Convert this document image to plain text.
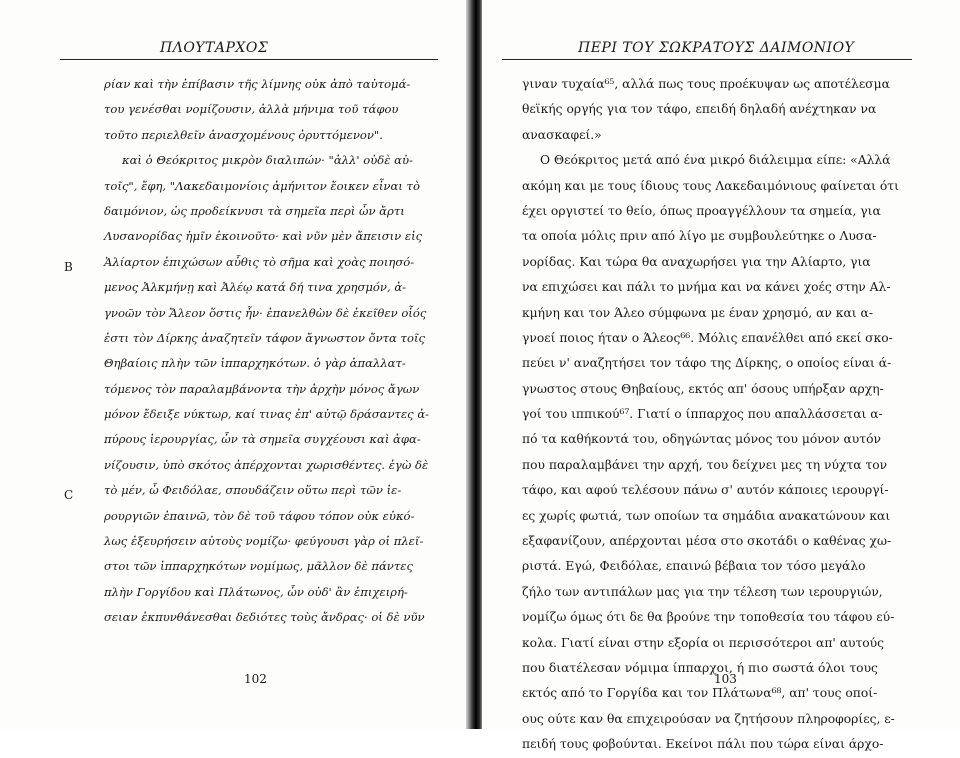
ΠΛΟΥΤΑΡΧΟΣ
ρίαν καὶ τὴν ἐπίβασιν τῆς λίμνης οὐκ ἀπὸ ταὐτομά-
του γενέσθαι νομίζουσιν, ἀλλὰ μήνιμα τοῦ τάφου
τοῦτο περιελθεῖν ἀνασχομένους ὀρυττόμενον".
καὶ ὁ Θεόκριτος μικρὸν διαλιπών· "ἀλλ' οὐδὲ αὐ-
τοῖς", ἔφη, "Λακεδαιμονίοις ἀμήνιτον ἔοικεν εἶναι τὸ
δαιμόνιον, ὡς προδείκνυσι τὰ σημεῖα περὶ ὧν ἄρτι
Λυσανορίδας ἡμῖν ἐκοινοῦτο· καὶ νῦν μὲν ἄπεισιν εἰς
Ἁλίαρτον ἐπιχώσων αὖθις τὸ σῆμα καὶ χοὰς ποιησό-
μενος Ἀλκμήνῃ καὶ Ἀλέῳ κατά δή τινα χρησμόν, ἀ-
γνοῶν τὸν Ἄλεον ὅστις ἦν· ἐπανελθὼν δὲ ἐκεῖθεν οἷός
ἐστι τὸν Δίρκης ἀναζητεῖν τάφον ἄγνωστον ὄντα τοῖς
Θηβαίοις πλὴν τῶν ἱππαρχηκότων. ὁ γὰρ ἀπαλλατ-
τόμενος τὸν παραλαμβάνοντα τὴν ἀρχὴν μόνος ἄγων
μόνον ἔδειξε νύκτωρ, καί τινας ἐπ' αὐτῷ δράσαντες ἀ-
πύρους ἱερουργίας, ὧν τὰ σημεῖα συγχέουσι καὶ ἀφα-
νίζουσιν, ὑπὸ σκότος ἀπέρχονται χωρισθέντες. ἐγὼ δὲ
τὸ μέν, ὦ Φειδόλαε, σπουδάζειν οὕτω περὶ τῶν ἱε-
ρουργιῶν ἐπαινῶ, τὸν δὲ τοῦ τάφου τόπον οὐκ εὐκό-
λως ἐξευρήσειν αὐτοὺς νομίζω· φεύγουσι γὰρ οἱ πλεῖ-
στοι τῶν ἱππαρχηκότων νομίμως, μᾶλλον δὲ πάντες
πλὴν Γοργίδου καὶ Πλάτωνος, ὧν οὐδ' ἂν ἐπιχειρή-
σειαν ἐκπυνθάνεσθαι δεδιότες τοὺς ἄνδρας· οἱ δὲ νῦν
B
C
102
ΠΕΡΙ ΤΟΥ ΣΩΚΡΑΤΟΥΣ ΔΑΙΜΟΝΙΟΥ
γιναν τυχαία⁶⁵, αλλά πως τους προέκυψαν ως αποτέλεσμα
θεϊκής οργής για τον τάφο, επειδή δηλαδή ανέχτηκαν να
ανασκαφεί.»
Ο Θεόκριτος μετά από ένα μικρό διάλειμμα είπε: «Αλλά
ακόμη και με τους ίδιους τους Λακεδαιμόνιους φαίνεται ότι
έχει οργιστεί το θείο, όπως προαγγέλλουν τα σημεία, για
τα οποία μόλις πριν από λίγο με συμβουλεύτηκε ο Λυσα-
νορίδας. Και τώρα θα αναχωρήσει για την Αλίαρτο, για
να επιχώσει και πάλι το μνήμα και να κάνει χοές στην Αλ-
κμήνη και τον Άλεο σύμφωνα με έναν χρησμό, αν και α-
γνοεί ποιος ήταν ο Άλεος⁶⁶. Μόλις επανέλθει από εκεί σκο-
πεύει ν' αναζητήσει τον τάφο της Δίρκης, ο οποίος είναι ά-
γνωστος στους Θηβαίους, εκτός απ' όσους υπήρξαν αρχη-
γοί του ιππικού⁶⁷. Γιατί ο ίππαρχος που απαλλάσσεται α-
πό τα καθήκοντά του, οδηγώντας μόνος του μόνον αυτόν
που παραλαμβάνει την αρχή, του δείχνει μες τη νύχτα τον
τάφο, και αφού τελέσουν πάνω σ' αυτόν κάποιες ιερουργί-
ες χωρίς φωτιά, των οποίων τα σημάδια ανακατώνουν και
εξαφανίζουν, απέρχονται μέσα στο σκοτάδι ο καθένας χω-
ριστά. Εγώ, Φειδόλαε, επαινώ βέβαια τον τόσο μεγάλο
ζήλο των αντιπάλων μας για την τέλεση των ιερουργιών,
νομίζω όμως ότι δε θα βρούνε την τοποθεσία του τάφου εύ-
κολα. Γιατί είναι στην εξορία οι περισσότεροι απ' αυτούς
που διατέλεσαν νόμιμα ίππαρχοι, ή πιο σωστά όλοι τους
εκτός από το Γοργίδα και τον Πλάτωνα⁶⁸, απ' τους οποί-
ους ούτε καν θα επιχειρούσαν να ζητήσουν πληροφορίες, ε-
πειδή τους φοβούνται. Εκείνοι πάλι που τώρα είναι άρχο-
103
